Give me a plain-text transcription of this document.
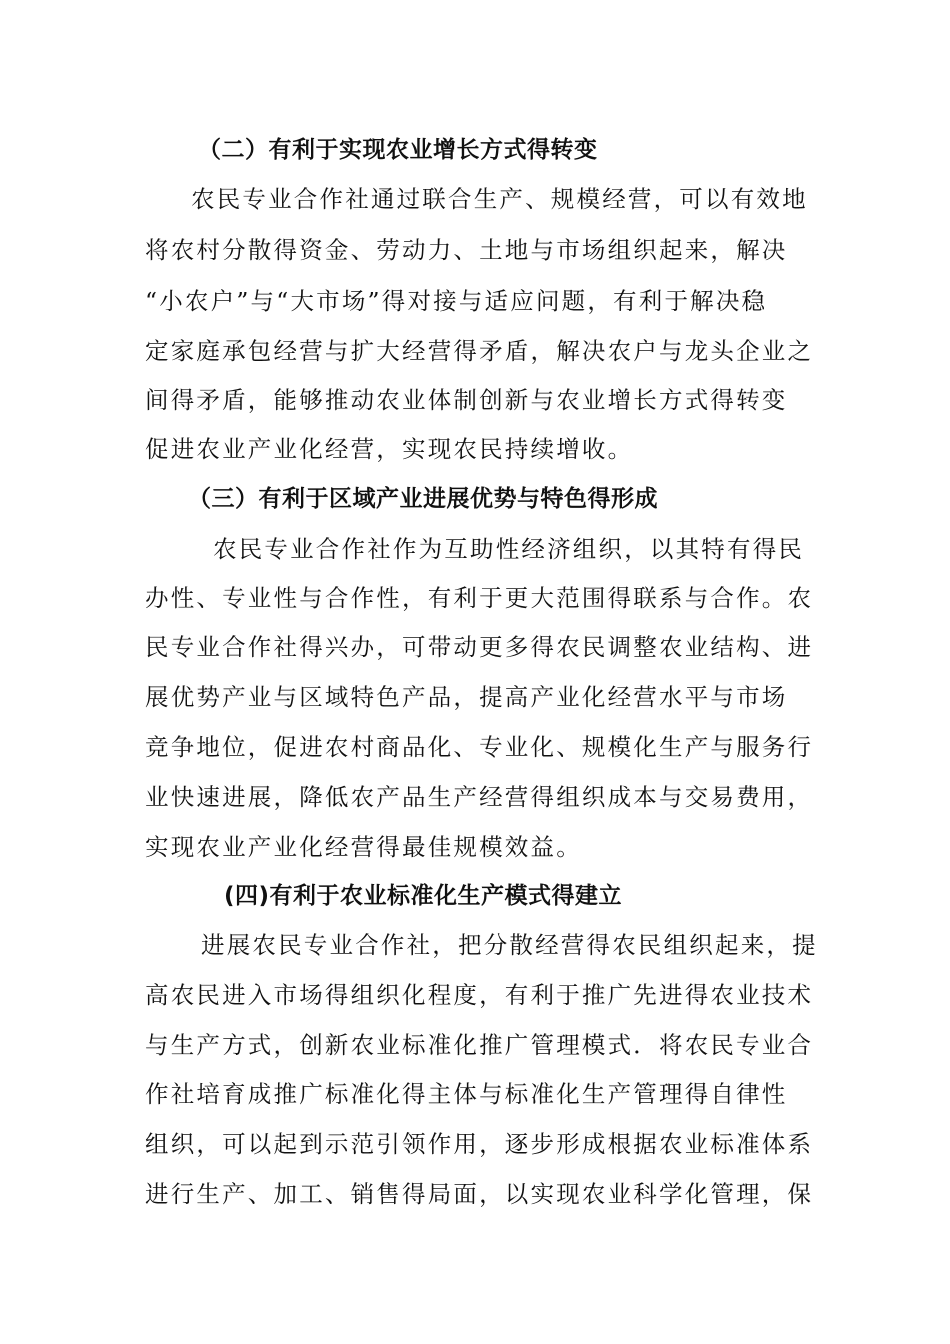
（二）有利于实现农业增长方式得转变
农民专业合作社通过联合生产、规模经营，可以有效地
将农村分散得资金、劳动力、土地与市场组织起来，解决
“小农户”与“大市场”得对接与适应问题，有利于解决稳
定家庭承包经营与扩大经营得矛盾，解决农户与龙头企业之
间得矛盾，能够推动农业体制创新与农业增长方式得转变
促进农业产业化经营，实现农民持续增收。
（三）有利于区域产业进展优势与特色得形成
农民专业合作社作为互助性经济组织，以其特有得民
办性、专业性与合作性，有利于更大范围得联系与合作。农
民专业合作社得兴办，可带动更多得农民调整农业结构、进
展优势产业与区域特色产品，提高产业化经营水平与市场
竞争地位，促进农村商品化、专业化、规模化生产与服务行
业快速进展，降低农产品生产经营得组织成本与交易费用，
实现农业产业化经营得最佳规模效益。
(四)有利于农业标准化生产模式得建立
进展农民专业合作社，把分散经营得农民组织起来，提
高农民进入市场得组织化程度，有利于推广先进得农业技术
与生产方式，创新农业标准化推广管理模式．将农民专业合
作社培育成推广标准化得主体与标准化生产管理得自律性
组织，可以起到示范引领作用，逐步形成根据农业标准体系
进行生产、加工、销售得局面，以实现农业科学化管理，保
